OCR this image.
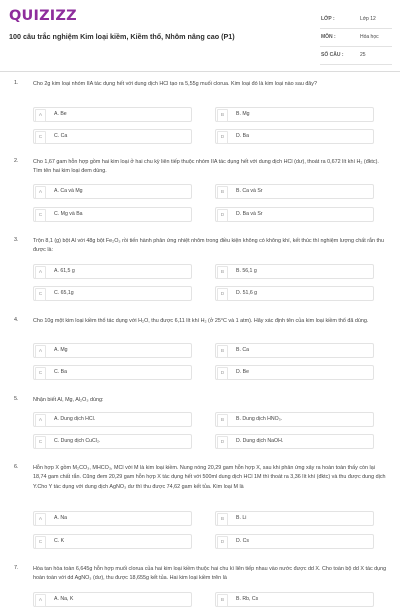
QUIZIZZ
100 câu trắc nghiệm Kim loại kiềm, Kiềm thổ, Nhôm nâng cao (P1)
LỚP :	Lớp 12
MÔN :	Hóa học
SỐ CÂU :	25
1.	Cho 2g kim loại nhóm IIA tác dụng hết với dung dịch HCl tạo ra 5,55g muối clorua. Kim loại đó là kim loại nào sau đây?
A	A. Be	B	B. Mg
C	C. Ca	D	D. Ba
2.	Cho 1,67 gam hỗn hợp gồm hai kim loại ở hai chu kỳ liên tiếp thuộc nhóm IIA tác dụng hết với dung dịch HCl (dư), thoát ra 0,672 lít khí H₂ (đktc). Tìm tên hai kim loại đem dùng.
A	A. Ca và Mg	B	B. Ca và Sr
C	C. Mg và Ba	D	D. Ba và Sr
3.	Trộn 8,1 (g) bột Al với 48g bột Fe₂O₃ rồi tiến hành phản ứng nhiệt nhôm trong điều kiện không có không khí, kết thúc thí nghiệm lượng chất rắn thu được là:
A	A. 61,5 g	B	B. 56,1 g
C	C. 65,1g	D	D. 51,6 g
4.	Cho 10g một kim loại kiềm thổ tác dụng với H₂O, thu được 6,11 lít khí H₂ (ở 25°C và 1 atm). Hãy xác định tên của kim loại kiềm thổ đã dùng.
A	A. Mg	B	B. Ca
C	C. Ba	D	D. Be
5.	Nhận biết Al, Mg, Al₂O₃ dùng:
A	A. Dung dịch HCl.	B	B. Dung dịch HNO₃.
C	C. Dung dịch CuCl₂.	D	D. Dung dịch NaOH.
6.	Hỗn hợp X gồm M₂CO₃, MHCO₃, MCl với M là kim loại kiềm. Nung nóng 20,29 gam hỗn hợp X, sau khi phản ứng xảy ra hoàn toàn thấy còn lại 18,74 gam chất rắn. Cũng đem 20,29 gam hỗn hợp X tác dụng hết với 500ml dung dịch HCl 1M thì thoát ra 3,36 lít khí (đktc) và thu được dung dịch Y.Cho Y tác dụng với dung dịch AgNO₃ dư thì thu được 74,62 gam kết tủa. Kim loại M là
A	A. Na	B	B. Li
C	C. K	D	D. Cs
7.	Hòa tan hòa toàn 6,645g hỗn hợp muối clorua của hai kim loại kiềm thuộc hai chu kì liên tiếp nhau vào nước được dd X. Cho toàn bộ dd X tác dụng hoàn toàn với dd AgNO₃ (dư), thu được 18,655g kết tủa. Hai kim loại kiềm trên là
A	A. Na, K	B	B. Rb, Cs
